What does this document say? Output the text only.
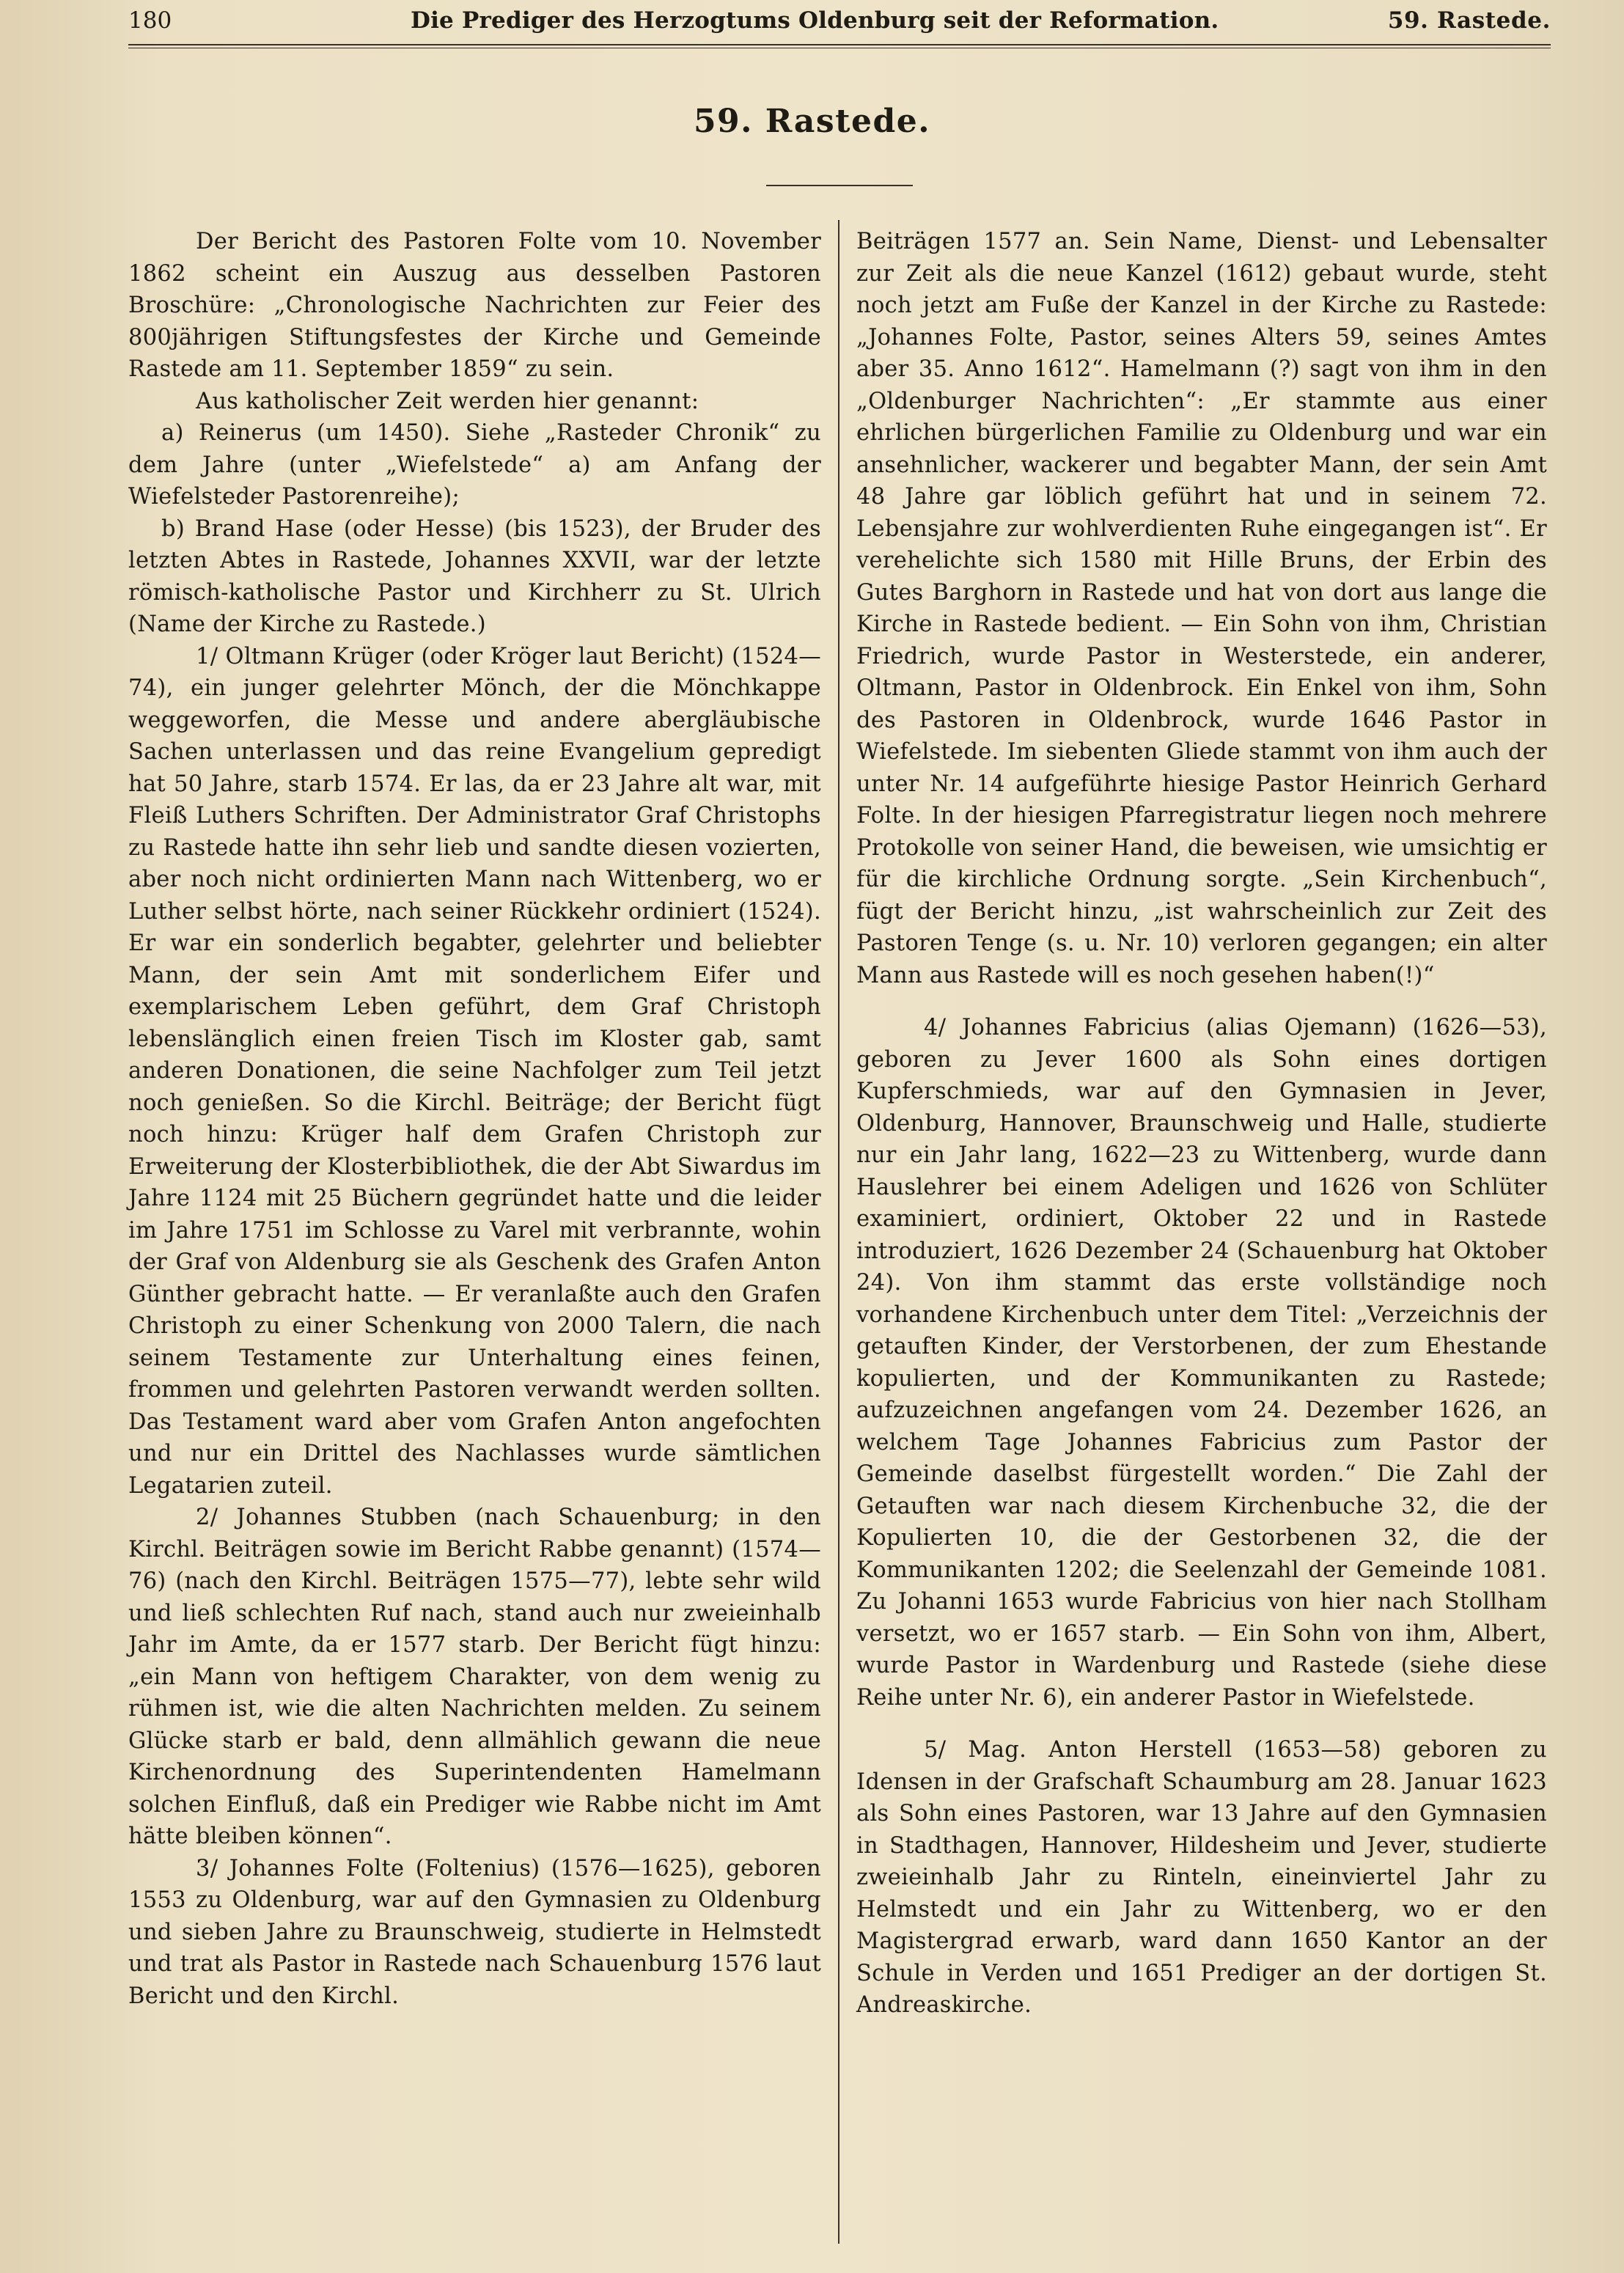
180	Die Prediger des Herzogtums Oldenburg seit der Reformation.	59. Rastede.
59. Rastede.

Der Bericht des Pastoren Folte vom 10. November 1862 scheint ein Auszug aus desselben Pastoren Broschüre: „Chronologische Nachrichten zur Feier des 800jährigen Stiftungsfestes der Kirche und Gemeinde Rastede am 11. September 1859“ zu sein.

Aus katholischer Zeit werden hier genannt:

a) Reinerus (um 1450). Siehe „Rasteder Chronik“ zu dem Jahre (unter „Wiefelstede“ a) am Anfang der Wiefelsteder Pastorenreihe);

b) Brand Hase (oder Hesse) (bis 1523), der Bruder des letzten Abtes in Rastede, Johannes XXVII, war der letzte römisch-katholische Pastor und Kirchherr zu St. Ulrich (Name der Kirche zu Rastede.)

1/ Oltmann Krüger (oder Kröger laut Bericht) (1524—74), ein junger gelehrter Mönch, der die Mönchkappe weggeworfen, die Messe und andere abergläubische Sachen unterlassen und das reine Evangelium gepredigt hat 50 Jahre, starb 1574. Er las, da er 23 Jahre alt war, mit Fleiß Luthers Schriften. Der Administrator Graf Christophs zu Rastede hatte ihn sehr lieb und sandte diesen vozierten, aber noch nicht ordinierten Mann nach Wittenberg, wo er Luther selbst hörte, nach seiner Rückkehr ordiniert (1524). Er war ein sonderlich begabter, gelehrter und beliebter Mann, der sein Amt mit sonderlichem Eifer und exemplarischem Leben geführt, dem Graf Christoph lebenslänglich einen freien Tisch im Kloster gab, samt anderen Donationen, die seine Nachfolger zum Teil jetzt noch genießen. So die Kirchl. Beiträge; der Bericht fügt noch hinzu: Krüger half dem Grafen Christoph zur Erweiterung der Klosterbibliothek, die der Abt Siwardus im Jahre 1124 mit 25 Büchern gegründet hatte und die leider im Jahre 1751 im Schlosse zu Varel mit verbrannte, wohin der Graf von Aldenburg sie als Geschenk des Grafen Anton Günther gebracht hatte. — Er veranlaßte auch den Grafen Christoph zu einer Schenkung von 2000 Talern, die nach seinem Testamente zur Unterhaltung eines feinen, frommen und gelehrten Pastoren verwandt werden sollten. Das Testament ward aber vom Grafen Anton angefochten und nur ein Drittel des Nachlasses wurde sämtlichen Legatarien zuteil.

2/ Johannes Stubben (nach Schauenburg; in den Kirchl. Beiträgen sowie im Bericht Rabbe genannt) (1574—76) (nach den Kirchl. Beiträgen 1575—77), lebte sehr wild und ließ schlechten Ruf nach, stand auch nur zweieinhalb Jahr im Amte, da er 1577 starb. Der Bericht fügt hinzu: „ein Mann von heftigem Charakter, von dem wenig zu rühmen ist, wie die alten Nachrichten melden. Zu seinem Glücke starb er bald, denn allmählich gewann die neue Kirchenordnung des Superintendenten Hamelmann solchen Einfluß, daß ein Prediger wie Rabbe nicht im Amt hätte bleiben können“.

3/ Johannes Folte (Foltenius) (1576—1625), geboren 1553 zu Oldenburg, war auf den Gymnasien zu Oldenburg und sieben Jahre zu Braunschweig, studierte in Helmstedt und trat als Pastor in Rastede nach Schauenburg 1576 laut Bericht und den Kirchl.

Beiträgen 1577 an. Sein Name, Dienst- und Lebensalter zur Zeit als die neue Kanzel (1612) gebaut wurde, steht noch jetzt am Fuße der Kanzel in der Kirche zu Rastede: „Johannes Folte, Pastor, seines Alters 59, seines Amtes aber 35. Anno 1612“. Hamelmann (?) sagt von ihm in den „Oldenburger Nachrichten“: „Er stammte aus einer ehrlichen bürgerlichen Familie zu Oldenburg und war ein ansehnlicher, wackerer und begabter Mann, der sein Amt 48 Jahre gar löblich geführt hat und in seinem 72. Lebensjahre zur wohlverdienten Ruhe eingegangen ist“. Er verehelichte sich 1580 mit Hille Bruns, der Erbin des Gutes Barghorn in Rastede und hat von dort aus lange die Kirche in Rastede bedient. — Ein Sohn von ihm, Christian Friedrich, wurde Pastor in Westerstede, ein anderer, Oltmann, Pastor in Oldenbrock. Ein Enkel von ihm, Sohn des Pastoren in Oldenbrock, wurde 1646 Pastor in Wiefelstede. Im siebenten Gliede stammt von ihm auch der unter Nr. 14 aufgeführte hiesige Pastor Heinrich Gerhard Folte. In der hiesigen Pfarregistratur liegen noch mehrere Protokolle von seiner Hand, die beweisen, wie umsichtig er für die kirchliche Ordnung sorgte. „Sein Kirchenbuch“, fügt der Bericht hinzu, „ist wahrscheinlich zur Zeit des Pastoren Tenge (s. u. Nr. 10) verloren gegangen; ein alter Mann aus Rastede will es noch gesehen haben(!)“

4/ Johannes Fabricius (alias Ojemann) (1626—53), geboren zu Jever 1600 als Sohn eines dortigen Kupferschmieds, war auf den Gymnasien in Jever, Oldenburg, Hannover, Braunschweig und Halle, studierte nur ein Jahr lang, 1622—23 zu Wittenberg, wurde dann Hauslehrer bei einem Adeligen und 1626 von Schlüter examiniert, ordiniert, Oktober 22 und in Rastede introduziert, 1626 Dezember 24 (Schauenburg hat Oktober 24). Von ihm stammt das erste vollständige noch vorhandene Kirchenbuch unter dem Titel: „Verzeichnis der getauften Kinder, der Verstorbenen, der zum Ehestande kopulierten, und der Kommunikanten zu Rastede; aufzuzeichnen angefangen vom 24. Dezember 1626, an welchem Tage Johannes Fabricius zum Pastor der Gemeinde daselbst fürgestellt worden.“ Die Zahl der Getauften war nach diesem Kirchenbuche 32, die der Kopulierten 10, die der Gestorbenen 32, die der Kommunikanten 1202; die Seelenzahl der Gemeinde 1081. Zu Johanni 1653 wurde Fabricius von hier nach Stollham versetzt, wo er 1657 starb. — Ein Sohn von ihm, Albert, wurde Pastor in Wardenburg und Rastede (siehe diese Reihe unter Nr. 6), ein anderer Pastor in Wiefelstede.

5/ Mag. Anton Herstell (1653—58) geboren zu Idensen in der Grafschaft Schaumburg am 28. Januar 1623 als Sohn eines Pastoren, war 13 Jahre auf den Gymnasien in Stadthagen, Hannover, Hildesheim und Jever, studierte zweieinhalb Jahr zu Rinteln, eineinviertel Jahr zu Helmstedt und ein Jahr zu Wittenberg, wo er den Magistergrad erwarb, ward dann 1650 Kantor an der Schule in Verden und 1651 Prediger an der dortigen St. Andreaskirche.
